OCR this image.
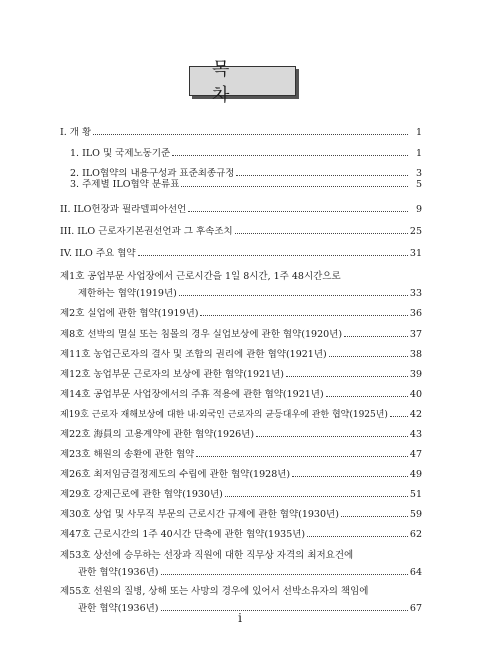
목 차
I. 개 황	1
1. ILO 및 국제노동기준	1
2. ILO협약의 내용구성과 표준최종규정	3
3. 주제별 ILO협약 분류표	5
II. ILO헌장과 필라델피아선언	9
III. ILO 근로자기본권선언과 그 후속조치	25
IV. ILO 주요 협약	31
제1호 공업부문 사업장에서 근로시간을 1일 8시간, 1주 48시간으로
제한하는 협약(1919년)	33
제2호 실업에 관한 협약(1919년)	36
제8호 선박의 멸실 또는 침몰의 경우 실업보상에 관한 협약(1920년)	37
제11호 농업근로자의 결사 및 조합의 권리에 관한 협약(1921년)	38
제12호 농업부문 근로자의 보상에 관한 협약(1921년)	39
제14호 공업부문 사업장에서의 주휴 적용에 관한 협약(1921년)	40
제19호 근로자 재해보상에 대한 내·외국인 근로자의 균등대우에 관한 협약(1925년) 42
제22호 海員의 고용계약에 관한 협약(1926년)	43
제23호 해원의 송환에 관한 협약	47
제26호 최저임금결정제도의 수립에 관한 협약(1928년)	49
제29호 강제근로에 관한 협약(1930년)	51
제30호 상업 및 사무직 부문의 근로시간 규제에 관한 협약(1930년)	59
제47호 근로시간의 1주 40시간 단축에 관한 협약(1935년)	62
제53호 상선에 승무하는 선장과 직원에 대한 직무상 자격의 최저요건에
관한 협약(1936년)	64
제55호 선원의 질병, 상해 또는 사망의 경우에 있어서 선박소유자의 책임에
관한 협약(1936년)	67
i
